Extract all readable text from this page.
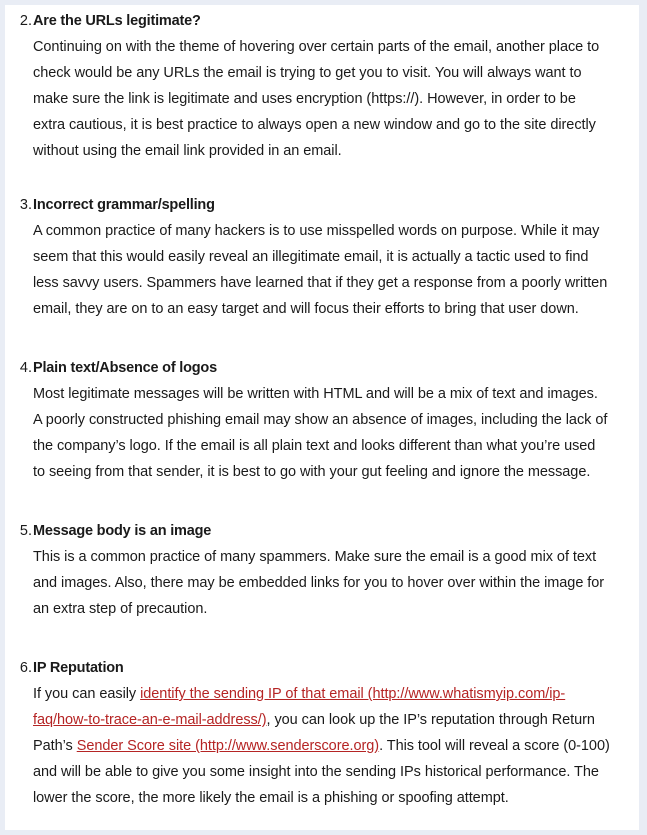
2. Are the URLs legitimate?
Continuing on with the theme of hovering over certain parts of the email, another place to
check would be any URLs the email is trying to get you to visit. You will always want to
make sure the link is legitimate and uses encryption (https://). However, in order to be
extra cautious, it is best practice to always open a new window and go to the site directly
without using the email link provided in an email.
3. Incorrect grammar/spelling
A common practice of many hackers is to use misspelled words on purpose. While it may
seem that this would easily reveal an illegitimate email, it is actually a tactic used to find
less savvy users. Spammers have learned that if they get a response from a poorly written
email, they are on to an easy target and will focus their efforts to bring that user down.
4. Plain text/Absence of logos
Most legitimate messages will be written with HTML and will be a mix of text and images.
A poorly constructed phishing email may show an absence of images, including the lack of
the company’s logo. If the email is all plain text and looks different than what you’re used
to seeing from that sender, it is best to go with your gut feeling and ignore the message.
5. Message body is an image
This is a common practice of many spammers. Make sure the email is a good mix of text
and images. Also, there may be embedded links for you to hover over within the image for
an extra step of precaution.
6. IP Reputation
If you can easily identify the sending IP of that email (http://www.whatismyip.com/ip-
faq/how-to-trace-an-e-mail-address/), you can look up the IP’s reputation through Return
Path’s Sender Score site (http://www.senderscore.org). This tool will reveal a score (0-100)
and will be able to give you some insight into the sending IPs historical performance. The
lower the score, the more likely the email is a phishing or spoofing attempt.
